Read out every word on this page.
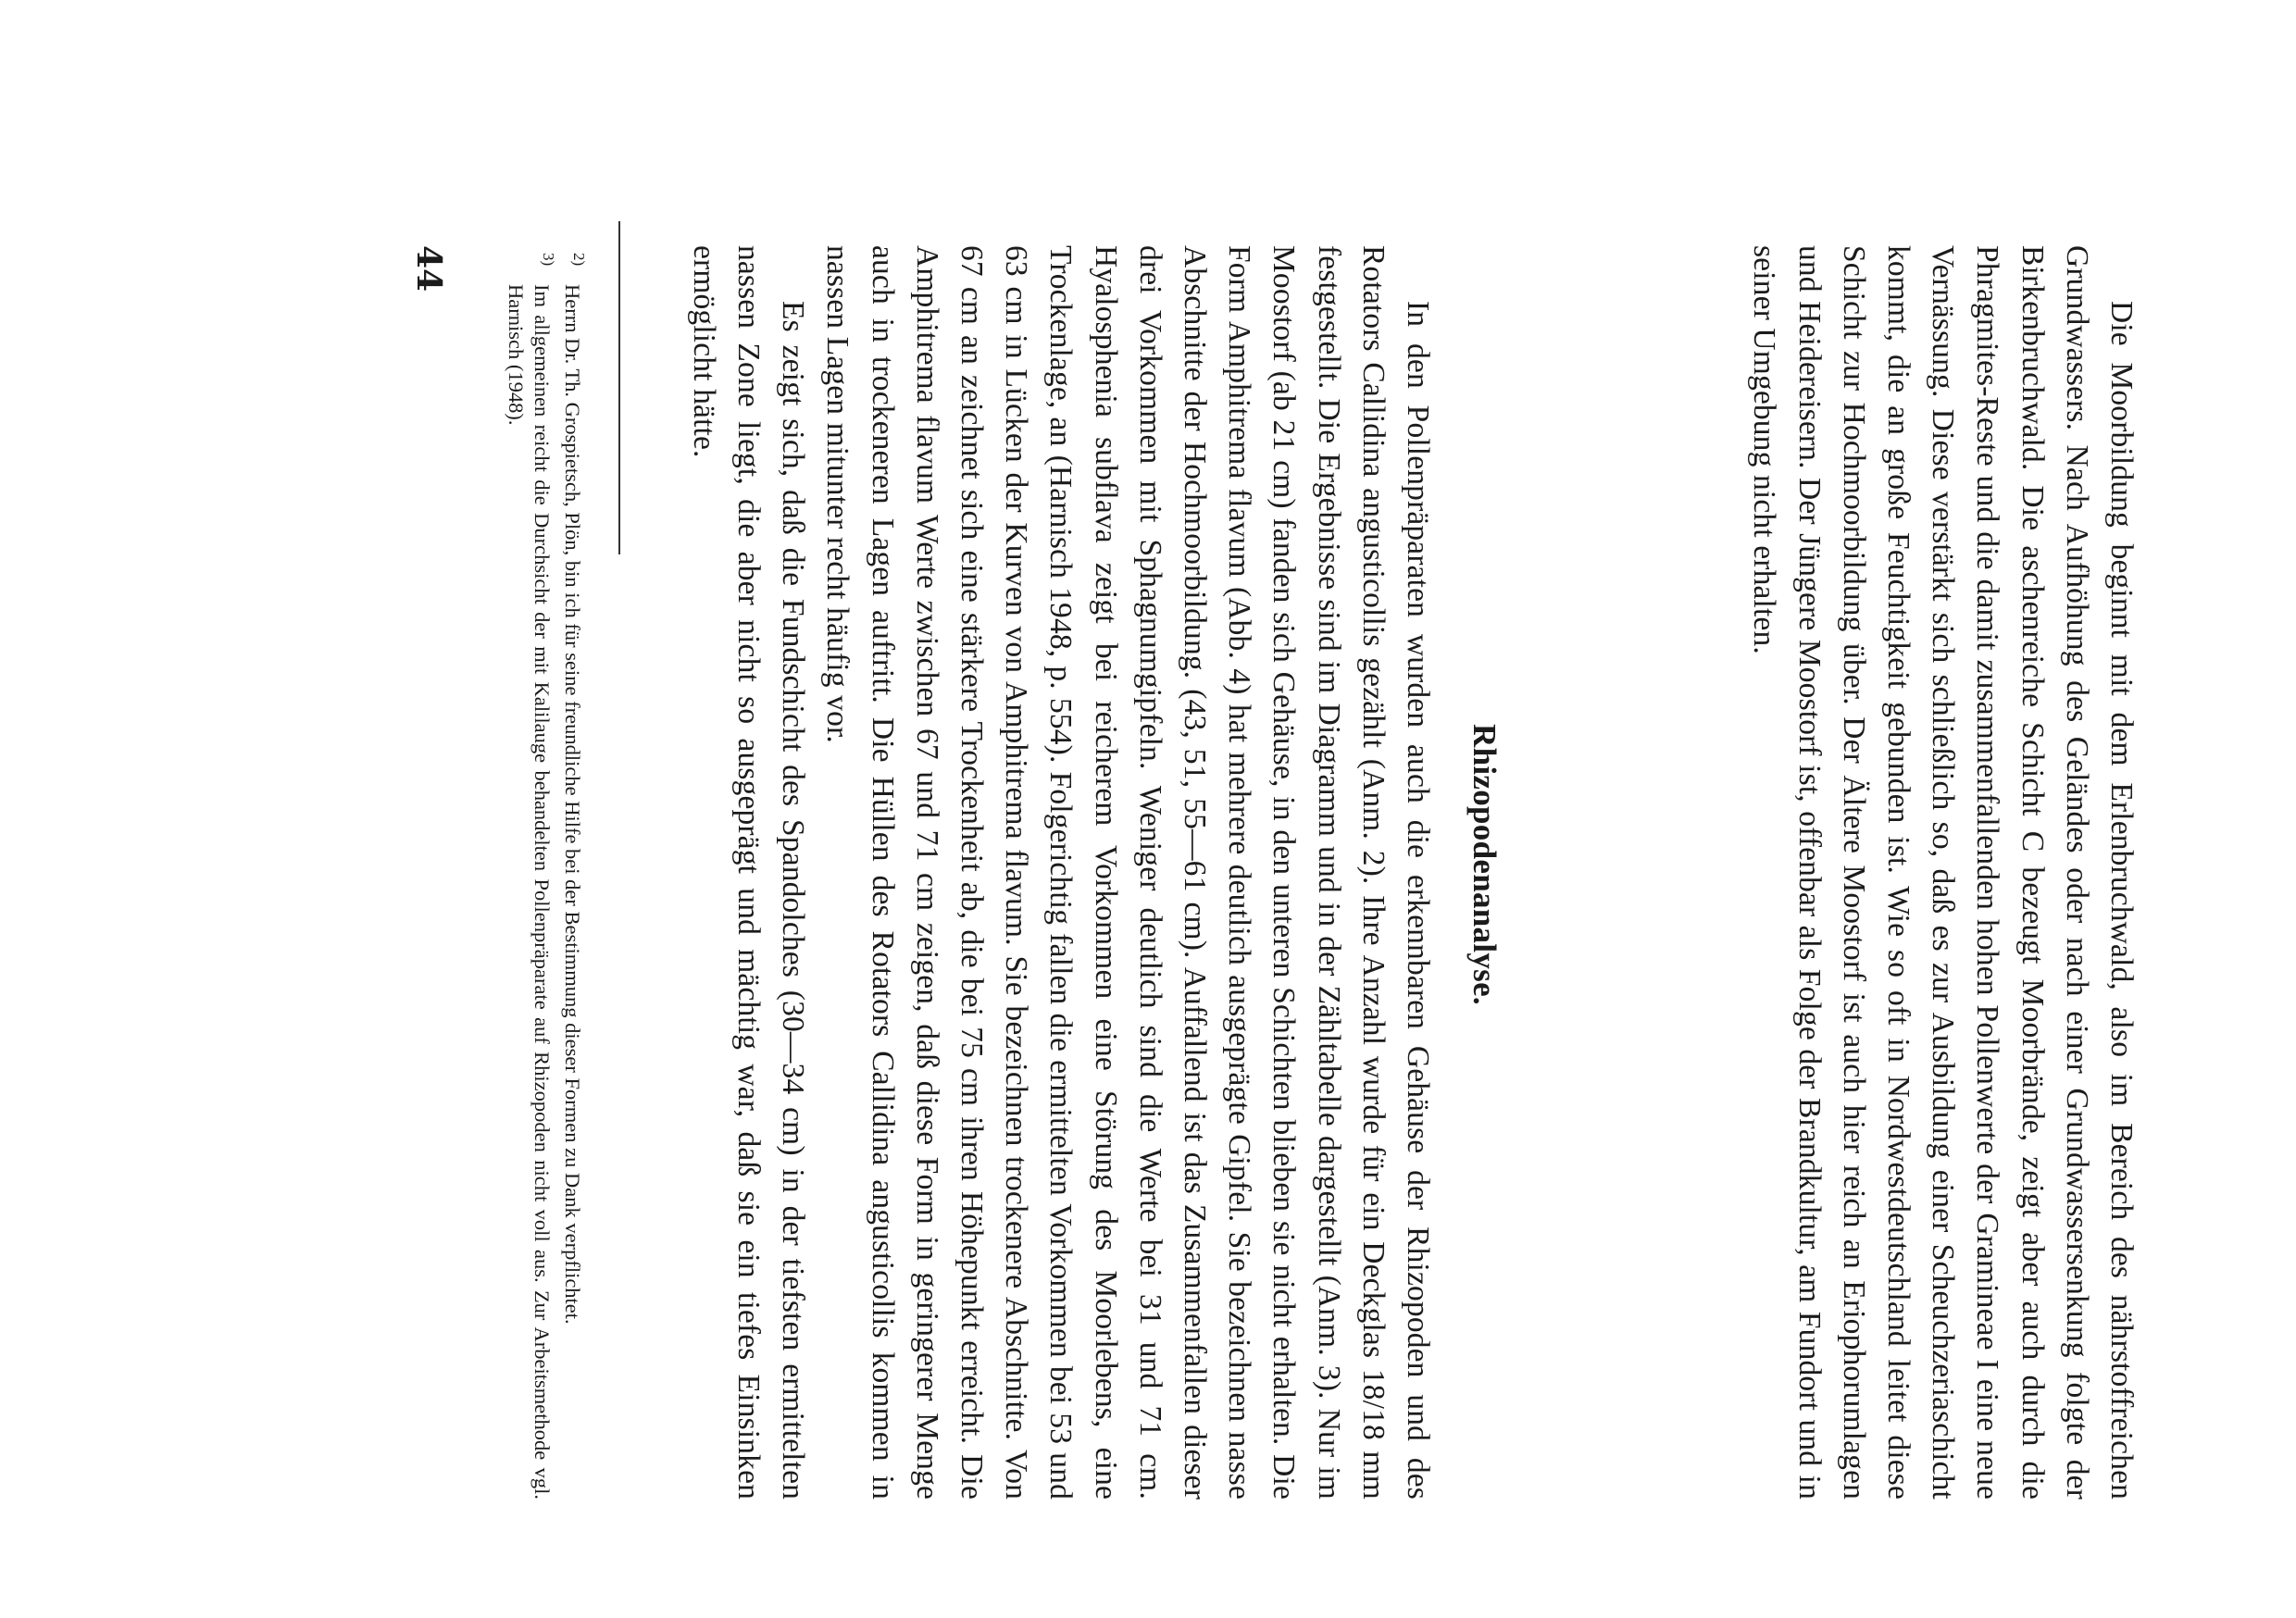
Die Moorbildung beginnt mit dem Erlenbruchwald, also im Bereich des nährstoffreichen Grundwassers. Nach Aufhöhung des Geländes oder nach einer Grundwassersenkung folgte der Birkenbruchwald. Die aschenreiche Schicht C bezeugt Moorbrände, zeigt aber auch durch die Phragmites-Reste und die damit zusammenfallenden hohen Pollenwerte der Gramineae I eine neue Vernässung. Diese verstärkt sich schließlich so, daß es zur Ausbildung einer Scheuchzeriaschicht kommt, die an große Feuchtigkeit gebunden ist. Wie so oft in Nordwestdeutschland leitet diese Schicht zur Hochmoorbildung über. Der Ältere Moostorf ist auch hier reich an Eriophorumlagen und Heidereisern. Der Jüngere Moostorf ist, offenbar als Folge der Brandkultur, am Fundort und in seiner Umgebung nicht erhalten.

Rhizopodenanalyse.

In den Pollenpräparaten wurden auch die erkennbaren Gehäuse der Rhizopoden und des Rotators Callidina angusticollis gezählt (Anm. 2). Ihre Anzahl wurde für ein Deckglas 18/18 mm festgestellt. Die Ergebnisse sind im Diagramm und in der Zähltabelle dargestellt (Anm. 3). Nur im Moostorf (ab 21 cm) fanden sich Gehäuse, in den unteren Schichten blieben sie nicht erhalten. Die Form Amphitrema flavum (Abb. 4) hat mehrere deutlich ausgeprägte Gipfel. Sie bezeichnen nasse Abschnitte der Hochmoorbildung. (43, 51, 55—61 cm). Auffallend ist das Zusammenfallen dieser drei Vorkommen mit Sphagnumgipfeln. Weniger deutlich sind die Werte bei 31 und 71 cm. Hyalosphenia subflava zeigt bei reicherem Vorkommen eine Störung des Moorlebens, eine Trockenlage, an (Harnisch 1948, p. 554). Folgerichtig fallen die ermittelten Vorkommen bei 53 und 63 cm in Lücken der Kurven von Amphitrema flavum. Sie bezeichnen trockenere Abschnitte. Von 67 cm an zeichnet sich eine stärkere Trockenheit ab, die bei 75 cm ihren Höhepunkt erreicht. Die Amphitrema flavum Werte zwischen 67 und 71 cm zeigen, daß diese Form in geringerer Menge auch in trockeneren Lagen auftritt. Die Hüllen des Rotators Callidina angusticollis kommen in nassen Lagen mitunter recht häufig vor.

Es zeigt sich, daß die Fundschicht des Spandolches (30—34 cm) in der tiefsten ermittelten nassen Zone liegt, die aber nicht so ausgeprägt und mächtig war, daß sie ein tiefes Einsinken ermöglicht hätte.

2)
Herrn Dr. Th. Grospietsch, Plön, bin ich für seine freundliche Hilfe bei der Bestimmung dieser Formen zu Dank verpflichtet.
3)
Im allgemeinen reicht die Durchsicht der mit Kalilauge behandelten Pollenpräparate auf Rhizopoden nicht voll aus. Zur Arbeitsmethode vgl. Harnisch (1948).
44
